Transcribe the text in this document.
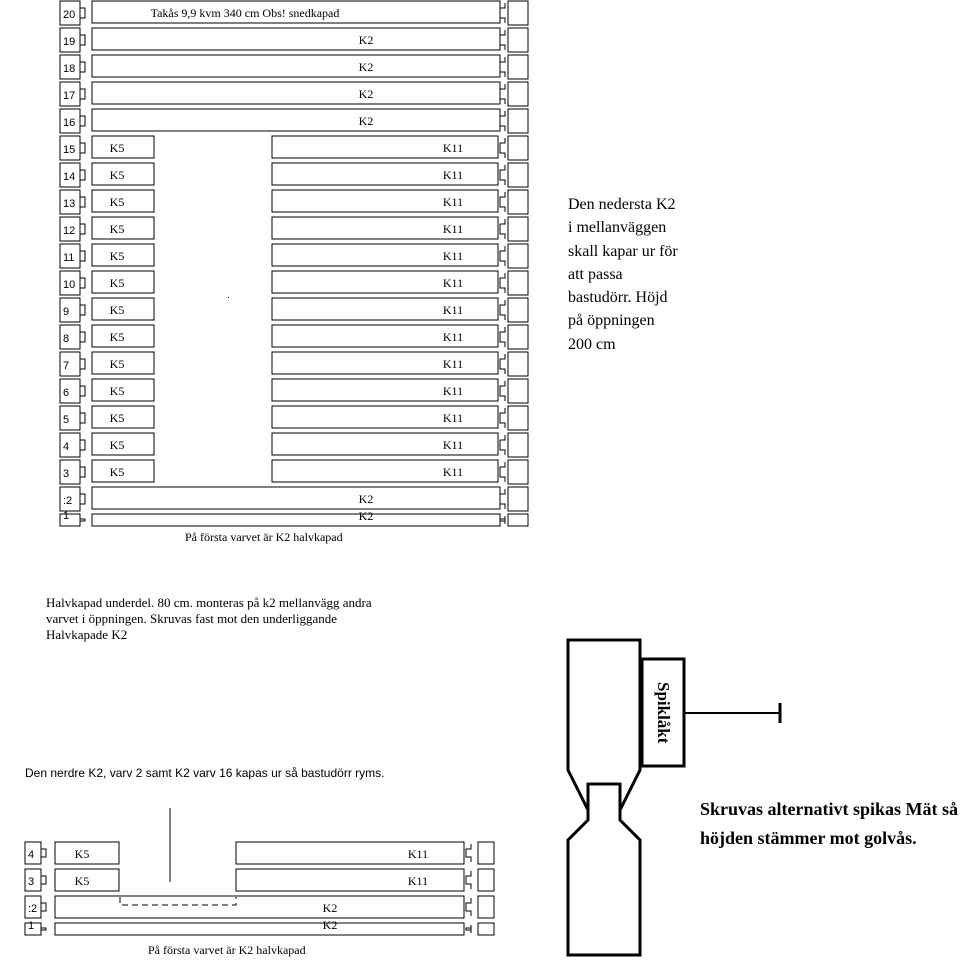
20	Takås 9,9 kvm 340 cm Obs! snedkapad
19	K2
18	K2
17	K2
16	K2
15	K5	K11
14	K5	K11
13	K5	K11
12	K5	K11
11	K5	K11
10	K5	K11
9	K5	K11
8	K5	K11
7	K5	K11
6	K5	K11
5	K5	K11
4	K5	K11
3	K5	K11
:2	K2
1	K2
4	K5	K11
3	K5	K11
:2	K2
1	K2
Den nedersta K2 i mellanväggen skall kapar ur för att passa bastudörr. Höjd på öppningen 200 cm
På första varvet är K2 halvkapad
Halvkapad underdel. 80 cm. monteras på k2 mellanvägg andra varvet i öppningen. Skruvas fast mot den underliggande Halvkapade K2
Den nerdre K2, varv 2 samt K2 varv 16 kapas ur så bastudörr ryms.
På första varvet är K2 halvkapad
Skruvas alternativt spikas Mät så höjden stämmer mot golvås.
Spiklåkt
